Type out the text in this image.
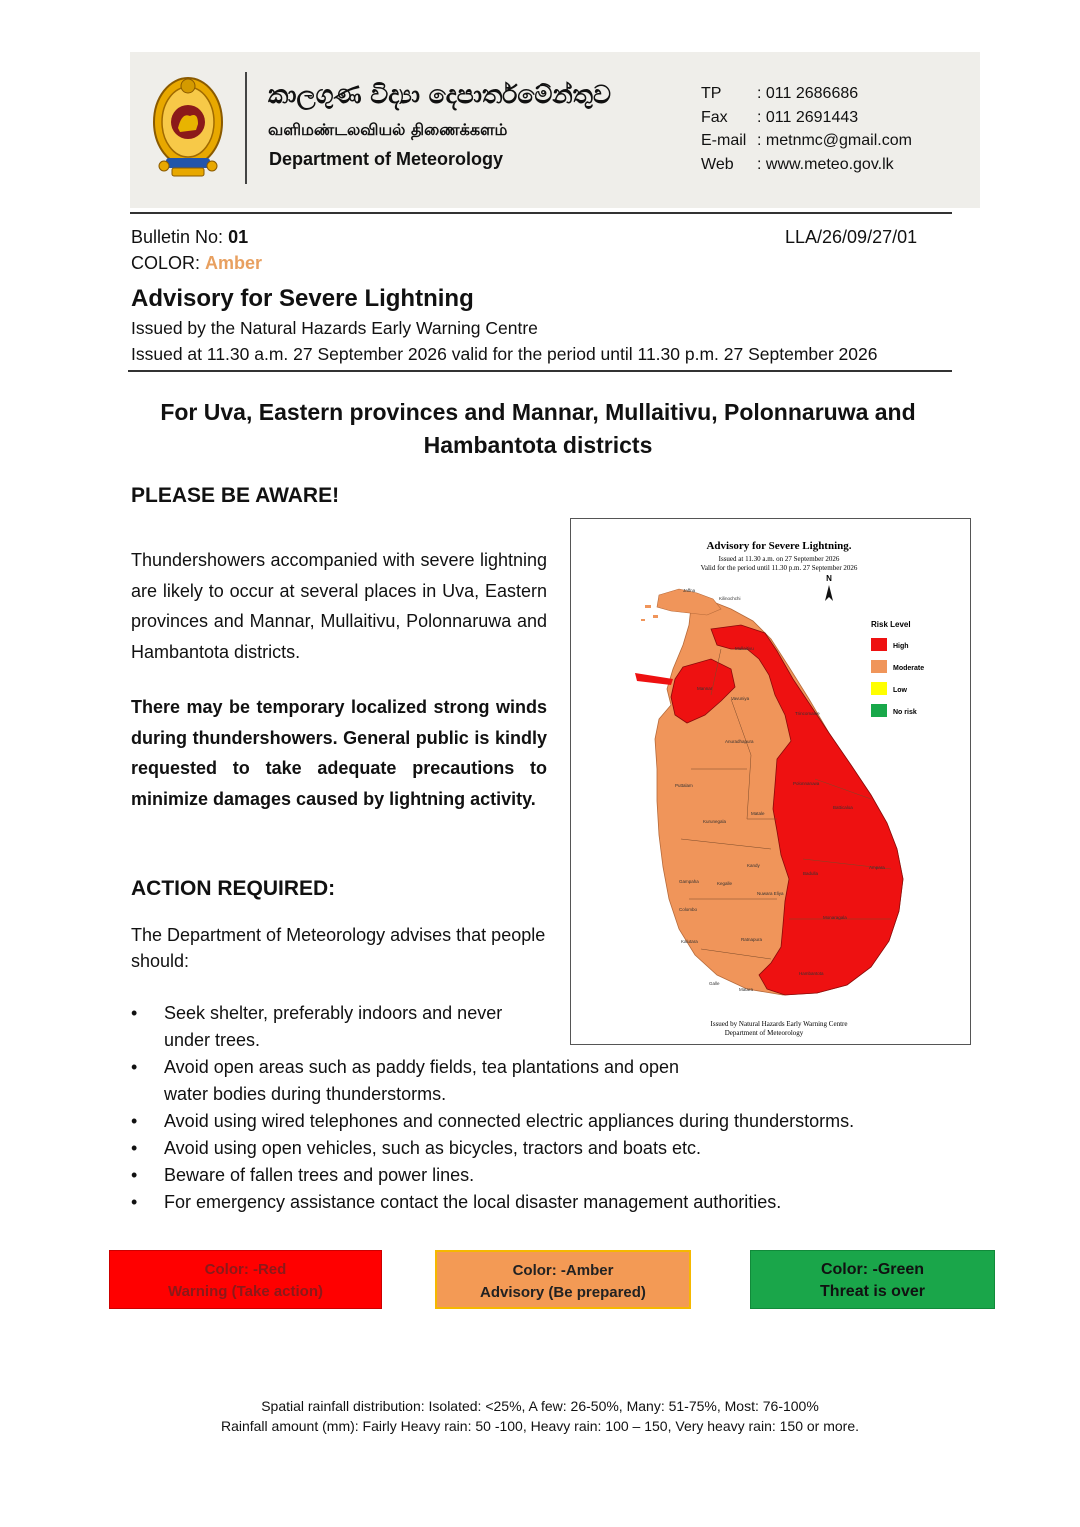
කාලගුණ විද්‍යා දෙපාර්තමේන්තුව
வளிமண்டலவியல் திணைக்களம்
Department of Meteorology
TP	: 011 2686686
Fax	: 011 2691443
E-mail : metnmc@gmail.com
Web	: www.meteo.gov.lk
Bulletin No: 01	LLA/26/09/27/01
COLOR: Amber
Advisory for Severe Lightning
Issued by the Natural Hazards Early Warning Centre
Issued at 11.30 a.m. 27 September 2026 valid for the period until 11.30 p.m. 27 September 2026
For Uva, Eastern provinces and Mannar, Mullaitivu, Polonnaruwa and
Hambantota districts
PLEASE BE AWARE!
Thundershowers accompanied with severe lightning are likely to occur at several places in Uva, Eastern provinces and Mannar, Mullaitivu, Polonnaruwa and Hambantota districts.
There may be temporary localized strong winds during thundershowers. General public is kindly requested to take adequate precautions to minimize damages caused by lightning activity.
ACTION REQUIRED:
The Department of Meteorology advises that people should:
• Seek shelter, preferably indoors and never under trees.
• Avoid open areas such as paddy fields, tea plantations and open water bodies during thunderstorms.
• Avoid using wired telephones and connected electric appliances during thunderstorms.
• Avoid using open vehicles, such as bicycles, tractors and boats etc.
• Beware of fallen trees and power lines.
• For emergency assistance contact the local disaster management authorities.
Advisory for Severe Lightning.
Issued at 11.30 a.m. on 27 September 2026
Valid for the period until 11.30 p.m. 27 September 2026
N
Jaffna
Kilinochchi
Mullaitivu
Mannar
Vavuniya
Trincomalee
Anuradhapura
Puttalam	Polonnaruwa
Batticaloa
Kurunegala
Matale
Ampara
Kandy
Gampaha	Kegalle
Nuwara Eliya
Badulla
Colombo
Monaragala
Kalutara	Ratnapura
Galle
Matara
Hambantota
Risk Level
High
Moderate
Low
No risk
Issued by Natural Hazards Early Warning Centre
Department of Meteorology
Color: -Red
Warning (Take action)
Color: -Amber
Advisory (Be prepared)
Color: -Green
Threat is over
Spatial rainfall distribution: Isolated: <25%, A few: 26-50%, Many: 51-75%, Most: 76-100%
Rainfall amount (mm): Fairly Heavy rain: 50 -100, Heavy rain: 100 – 150, Very heavy rain: 150 or more.
